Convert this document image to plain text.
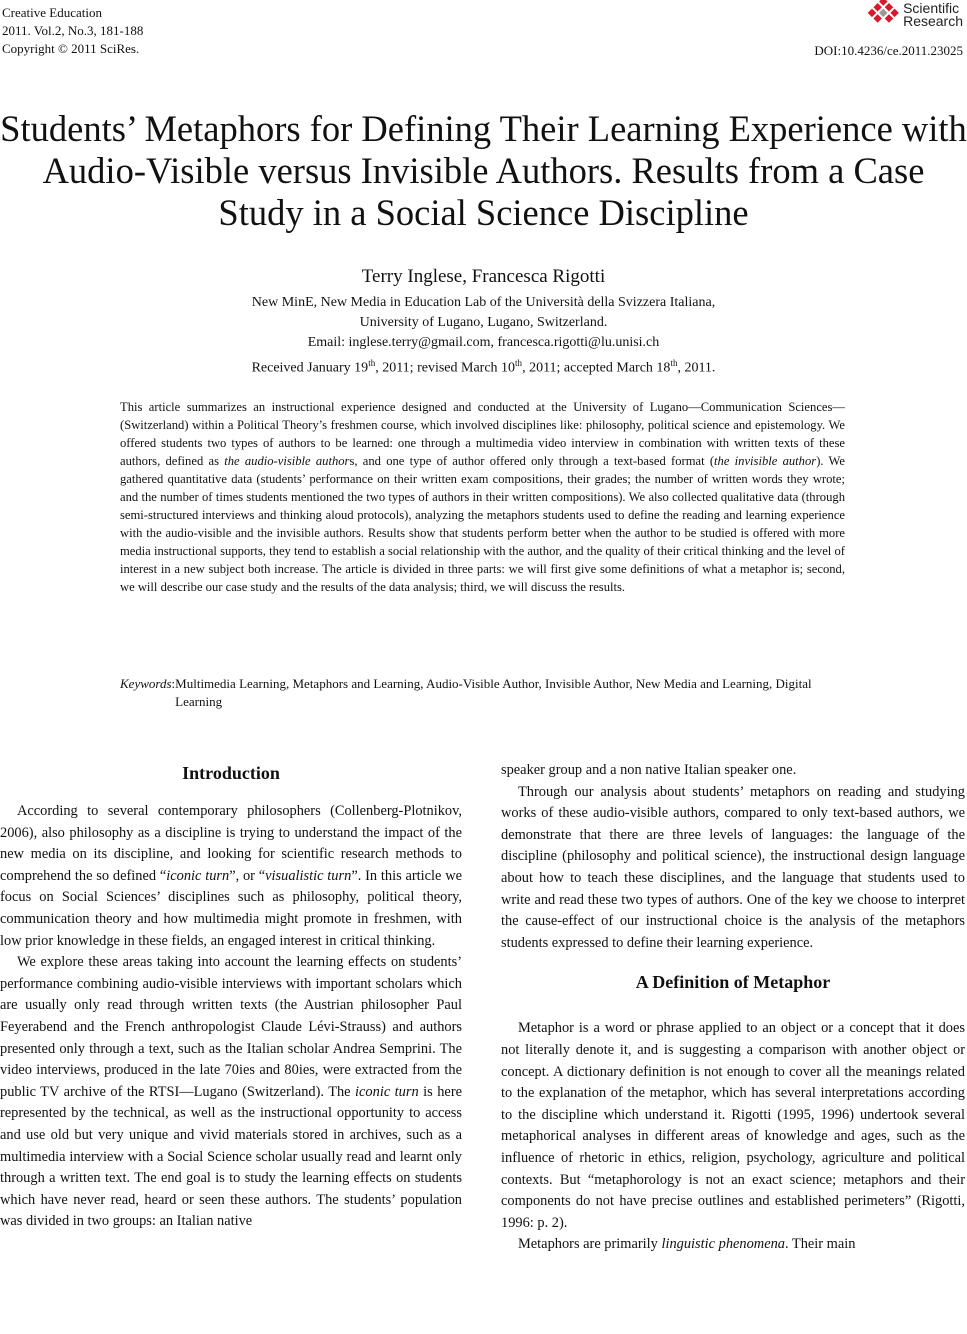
Creative Education
2011. Vol.2, No.3, 181-188
Copyright © 2011 SciRes.
Scientific
Research
DOI:10.4236/ce.2011.23025
Students’ Metaphors for Defining Their Learning Experience with Audio-Visible versus Invisible Authors. Results from a Case Study in a Social Science Discipline
Terry Inglese, Francesca Rigotti
New MinE, New Media in Education Lab of the Università della Svizzera Italiana,
University of Lugano, Lugano, Switzerland.
Email: inglese.terry@gmail.com, francesca.rigotti@lu.unisi.ch
Received January 19th, 2011; revised March 10th, 2011; accepted March 18th, 2011.

This article summarizes an instructional experience designed and conducted at the University of Lugano—Communication Sciences—(Switzerland) within a Political Theory’s freshmen course, which involved disciplines like: philosophy, political science and epistemology. We offered students two types of authors to be learned: one through a multimedia video interview in combination with written texts of these authors, defined as the audio-visible authors, and one type of author offered only through a text-based format (the invisible author). We gathered quantitative data (students’ performance on their written exam compositions, their grades; the number of written words they wrote; and the number of times students mentioned the two types of authors in their written compositions). We also collected qualitative data (through semi-structured interviews and thinking aloud protocols), analyzing the metaphors students used to define the reading and learning experience with the audio-visible and the invisible authors. Results show that students perform better when the author to be studied is offered with more media instructional supports, they tend to establish a social relationship with the author, and the quality of their critical thinking and the level of interest in a new subject both increase. The article is divided in three parts: we will first give some definitions of what a metaphor is; second, we will describe our case study and the results of the data analysis; third, we will discuss the results.

Keywords: Multimedia Learning, Metaphors and Learning, Audio-Visible Author, Invisible Author, New Media and Learning, Digital Learning
Introduction

According to several contemporary philosophers (Collenberg-Plotnikov, 2006), also philosophy as a discipline is trying to understand the impact of the new media on its discipline, and looking for scientific research methods to comprehend the so defined “iconic turn”, or “visualistic turn”. In this article we focus on Social Sciences’ disciplines such as philosophy, political theory, communication theory and how multimedia might promote in freshmen, with low prior knowledge in these fields, an engaged interest in critical thinking.

We explore these areas taking into account the learning effects on students’ performance combining audio-visible interviews with important scholars which are usually only read through written texts (the Austrian philosopher Paul Feyerabend and the French anthropologist Claude Lévi-Strauss) and authors presented only through a text, such as the Italian scholar Andrea Semprini. The video interviews, produced in the late 70ies and 80ies, were extracted from the public TV archive of the RTSI—Lugano (Switzerland). The iconic turn is here represented by the technical, as well as the instructional opportunity to access and use old but very unique and vivid materials stored in archives, such as a multimedia interview with a Social Science scholar usually read and learnt only through a written text. The end goal is to study the learning effects on students which have never read, heard or seen these authors. The students’ population was divided in two groups: an Italian native

speaker group and a non native Italian speaker one.

Through our analysis about students’ metaphors on reading and studying works of these audio-visible authors, compared to only text-based authors, we demonstrate that there are three levels of languages: the language of the discipline (philosophy and political science), the instructional design language about how to teach these disciplines, and the language that students used to write and read these two types of authors. One of the key we choose to interpret the cause-effect of our instructional choice is the analysis of the metaphors students expressed to define their learning experience.

A Definition of Metaphor

Metaphor is a word or phrase applied to an object or a concept that it does not literally denote it, and is suggesting a comparison with another object or concept. A dictionary definition is not enough to cover all the meanings related to the explanation of the metaphor, which has several interpretations according to the discipline which understand it. Rigotti (1995, 1996) undertook several metaphorical analyses in different areas of knowledge and ages, such as the influence of rhetoric in ethics, religion, psychology, agriculture and political contexts. But “metaphorology is not an exact science; metaphors and their components do not have precise outlines and established perimeters” (Rigotti, 1996: p. 2).

Metaphors are primarily linguistic phenomena. Their main
